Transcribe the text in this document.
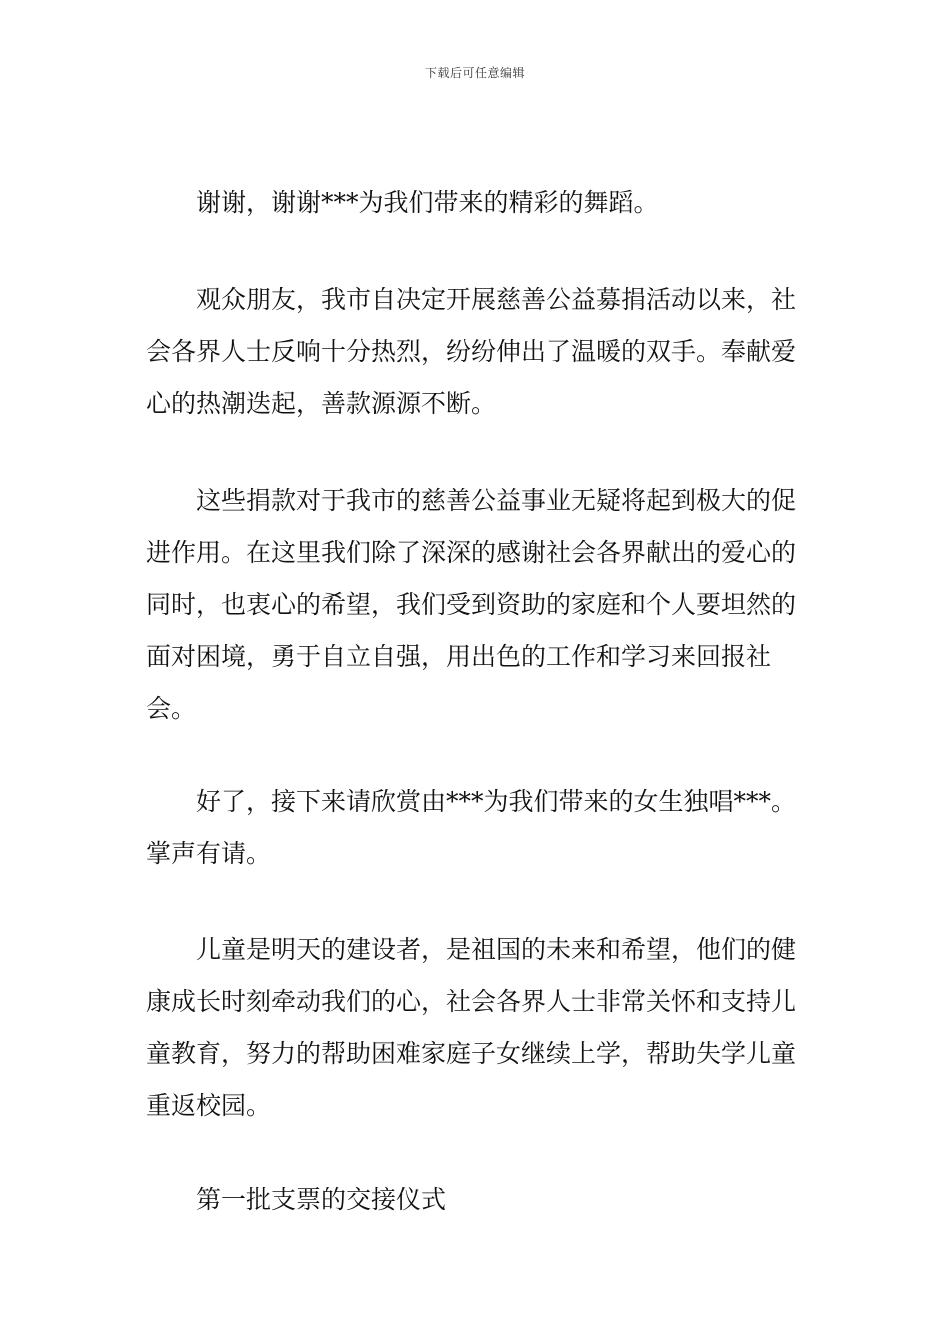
下载后可任意编辑

谢谢，谢谢***为我们带来的精彩的舞蹈。

观众朋友，我市自决定开展慈善公益募捐活动以来，社会各界人士反响十分热烈，纷纷伸出了温暖的双手。奉献爱心的热潮迭起，善款源源不断。

这些捐款对于我市的慈善公益事业无疑将起到极大的促进作用。在这里我们除了深深的感谢社会各界献出的爱心的同时，也衷心的希望，我们受到资助的家庭和个人要坦然的面对困境，勇于自立自强，用出色的工作和学习来回报社会。

好了，接下来请欣赏由***为我们带来的女生独唱***。掌声有请。

儿童是明天的建设者，是祖国的未来和希望，他们的健康成长时刻牵动我们的心，社会各界人士非常关怀和支持儿童教育，努力的帮助困难家庭子女继续上学，帮助失学儿童重返校园。

第一批支票的交接仪式
